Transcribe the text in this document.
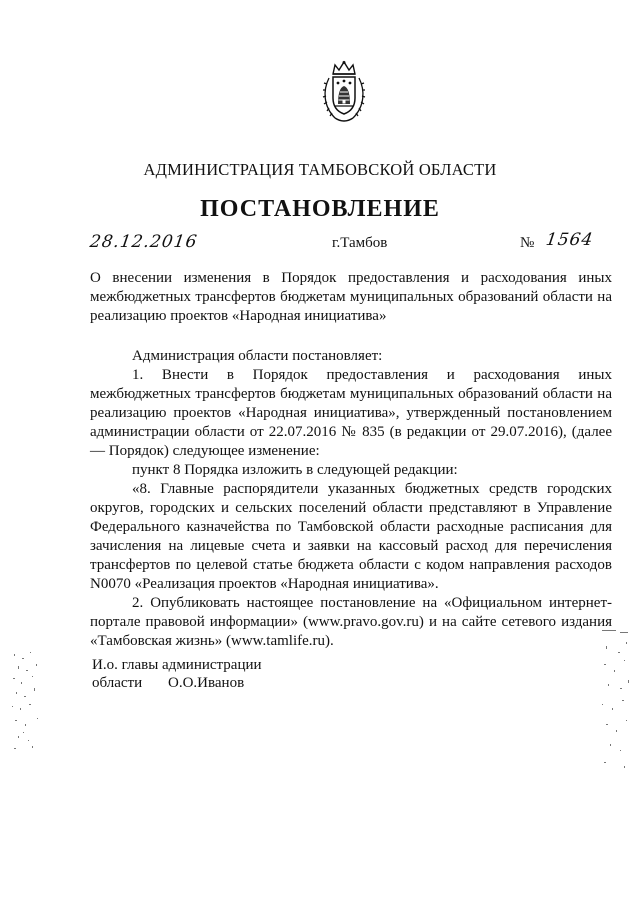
АДМИНИСТРАЦИЯ ТАМБОВСКОЙ ОБЛАСТИ
ПОСТАНОВЛЕНИЕ
28.12.2016	г.Тамбов	№ 1564
О внесении изменения в Порядок предоставления и расходования иных межбюджетных трансфертов бюджетам муниципальных образований области на реализацию проектов «Народная инициатива»

Администрация области постановляет:

1. Внести в Порядок предоставления и расходования иных межбюджетных трансфертов бюджетам муниципальных образований области на реализацию проектов «Народная инициатива», утвержденный постановлением администрации области от 22.07.2016 № 835 (в редакции от 29.07.2016), (далее — Порядок) следующее изменение:

пункт 8 Порядка изложить в следующей редакции:

«8. Главные распорядители указанных бюджетных средств городских округов, городских и сельских поселений области представляют в Управление Федерального казначейства по Тамбовской области расходные расписания для зачисления на лицевые счета и заявки на кассовый расход для перечисления трансфертов по целевой статье бюджета области с кодом направления расходов N0070 «Реализация проектов «Народная инициатива».

2. Опубликовать настоящее постановление на «Официальном интернет-портале правовой информации» (www.pravo.gov.ru) и на сайте сетевого издания «Тамбовская жизнь» (www.tamlife.ru).

И.о. главы администрации
области О.О.Иванов
